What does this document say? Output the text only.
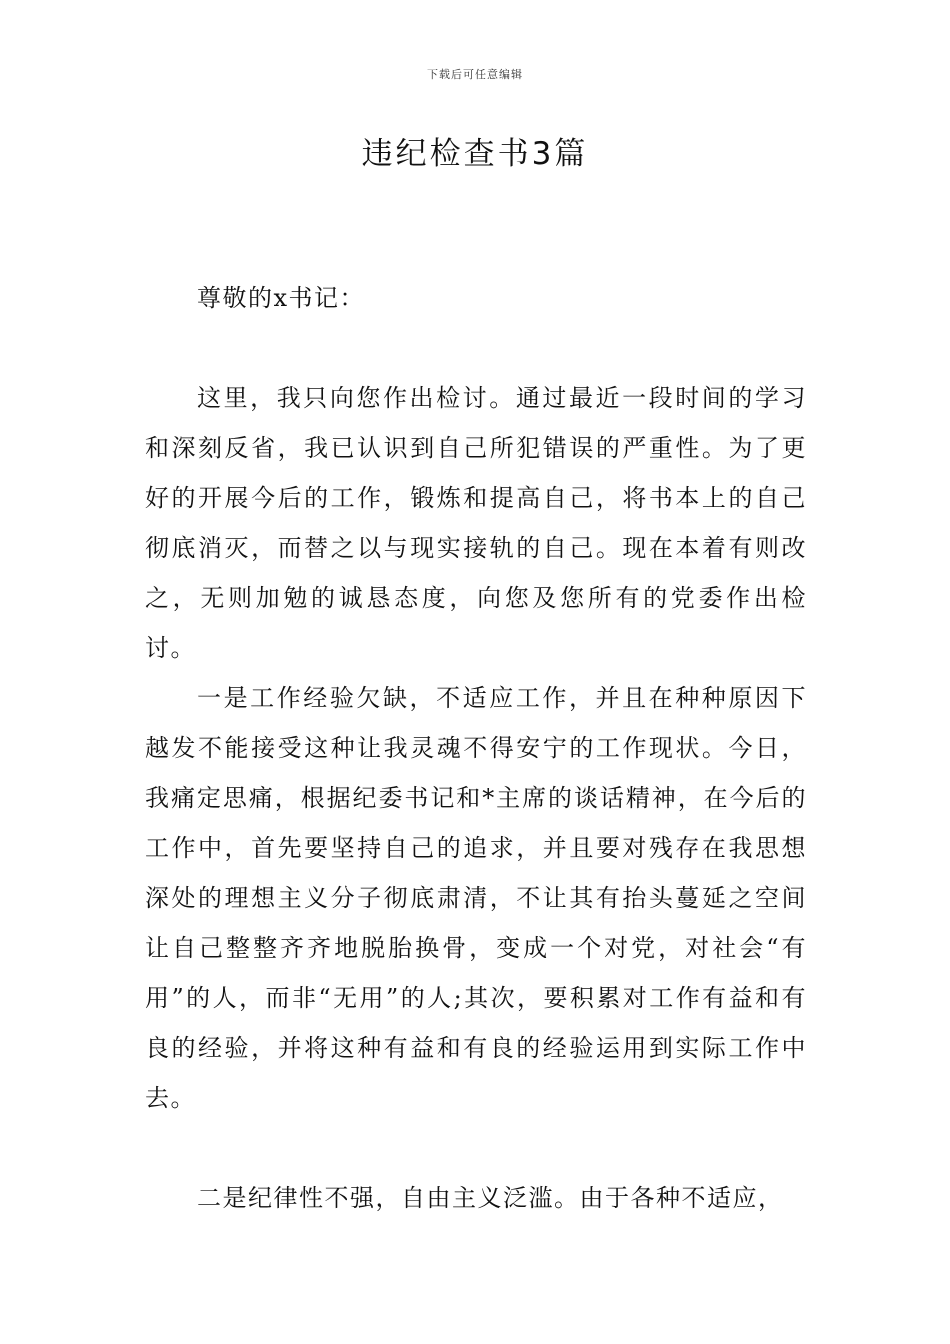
下载后可任意编辑
违纪检查书3篇

尊敬的x书记：

这里，我只向您作出检讨。通过最近一段时间的学习和深刻反省，我已认识到自己所犯错误的严重性。为了更好的开展今后的工作，锻炼和提高自己，将书本上的自己彻底消灭，而替之以与现实接轨的自己。现在本着有则改之，无则加勉的诚恳态度，向您及您所有的党委作出检讨。

一是工作经验欠缺，不适应工作，并且在种种原因下越发不能接受这种让我灵魂不得安宁的工作现状。今日，我痛定思痛，根据纪委书记和*主席的谈话精神，在今后的工作中，首先要坚持自己的追求，并且要对残存在我思想深处的理想主义分子彻底肃清，不让其有抬头蔓延之空间让自己整整齐齐地脱胎换骨，变成一个对党，对社会“有用”的人，而非“无用”的人;其次，要积累对工作有益和有良的经验，并将这种有益和有良的经验运用到实际工作中去。

二是纪律性不强，自由主义泛滥。由于各种不适应，
